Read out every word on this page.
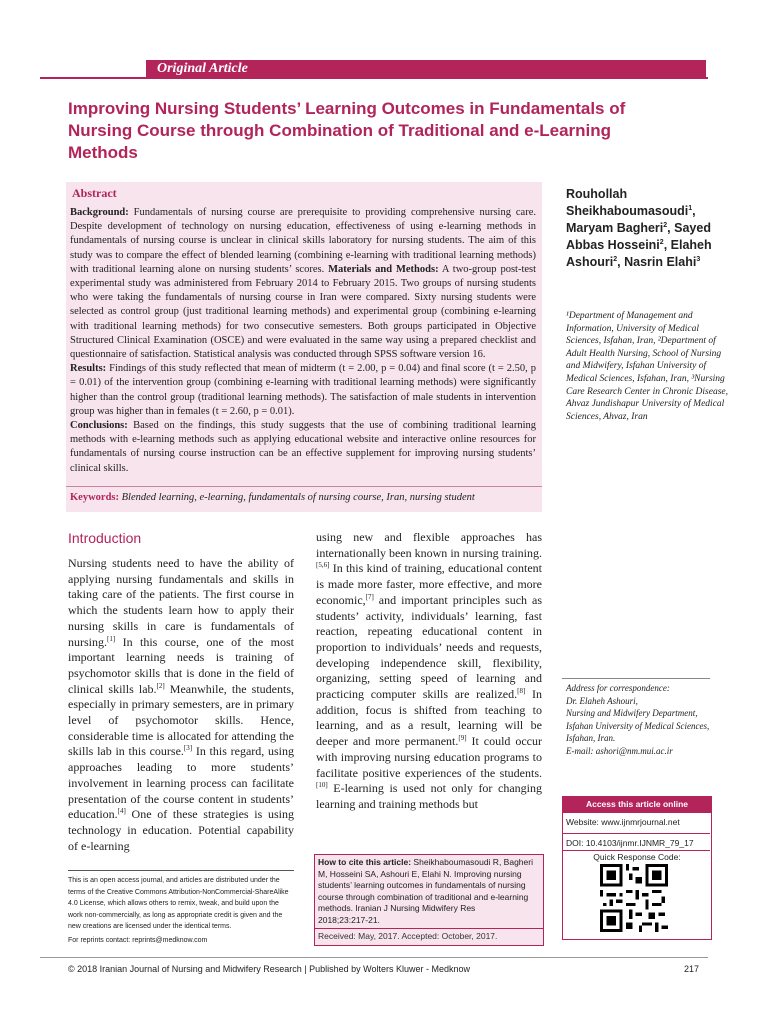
Original Article
Improving Nursing Students’ Learning Outcomes in Fundamentals of Nursing Course through Combination of Traditional and e‑Learning Methods
Abstract
Background: Fundamentals of nursing course are prerequisite to providing comprehensive nursing care. Despite development of technology on nursing education, effectiveness of using e‑learning methods in fundamentals of nursing course is unclear in clinical skills laboratory for nursing students. The aim of this study was to compare the effect of blended learning (combining e‑learning with traditional learning methods) with traditional learning alone on nursing students’ scores. Materials and Methods: A two‑group post‑test experimental study was administered from February 2014 to February 2015. Two groups of nursing students who were taking the fundamentals of nursing course in Iran were compared. Sixty nursing students were selected as control group (just traditional learning methods) and experimental group (combining e‑learning with traditional learning methods) for two consecutive semesters. Both groups participated in Objective Structured Clinical Examination (OSCE) and were evaluated in the same way using a prepared checklist and questionnaire of satisfaction. Statistical analysis was conducted through SPSS software version 16.
Results: Findings of this study reflected that mean of midterm (t = 2.00, p = 0.04) and final score (t = 2.50, p = 0.01) of the intervention group (combining e‑learning with traditional learning methods) were significantly higher than the control group (traditional learning methods). The satisfaction of male students in intervention group was higher than in females (t = 2.60, p = 0.01).
Conclusions: Based on the findings, this study suggests that the use of combining traditional learning methods with e‑learning methods such as applying educational website and interactive online resources for fundamentals of nursing course instruction can be an effective supplement for improving nursing students’ clinical skills.
Keywords: Blended learning, e‑learning, fundamentals of nursing course, Iran, nursing student
Rouhollah Sheikhaboumasoudi$^1$, Maryam Bagheri$^2$, Sayed Abbas Hosseini$^2$, Elaheh Ashouri$^2$, Nasrin Elahi$^3$
¹Department of Management and Information, University of Medical Sciences, Isfahan, Iran, ²Department of Adult Health Nursing, School of Nursing and Midwifery, Isfahan University of Medical Sciences, Isfahan, Iran, ³Nursing Care Research Center in Chronic Disease, Ahvaz Jundishapur University of Medical Sciences, Ahvaz, Iran
Introduction
Nursing students need to have the ability of applying nursing fundamentals and skills in taking care of the patients. The first course in which the students learn how to apply their nursing skills in care is fundamentals of nursing.[1] In this course, one of the most important learning needs is training of psychomotor skills that is done in the field of clinical skills lab.[2] Meanwhile, the students, especially in primary semesters, are in primary level of psychomotor skills. Hence, considerable time is allocated for attending the skills lab in this course.[3] In this regard, using approaches leading to more students’ involvement in learning process can facilitate presentation of the course content in students’ education.[4] One of these strategies is using technology in education. Potential capability of e‑learning
using new and flexible approaches has internationally been known in nursing training.[5,6] In this kind of training, educational content is made more faster, more effective, and more economic,[7] and important principles such as students’ activity, individuals’ learning, fast reaction, repeating educational content in proportion to individuals’ needs and requests, developing independence skill, flexibility, organizing, setting speed of learning and practicing computer skills are realized.[8] In addition, focus is shifted from teaching to learning, and as a result, learning will be deeper and more permanent.[9] It could occur with improving nursing education programs to facilitate positive experiences of the students.[10] E‑learning is used not only for changing learning and training methods but
Address for correspondence:
Dr. Elaheh Ashouri,
Nursing and Midwifery Department, Isfahan University of Medical Sciences,
Isfahan, Iran.
E-mail: ashori@nm.mui.ac.ir
Access this article online
Website: www.ijnmrjournal.net
DOI: 10.4103/ijnmr.IJNMR_79_17
Quick Response Code:
This is an open access journal, and articles are distributed under the terms of the Creative Commons Attribution‑NonCommercial‑ShareAlike 4.0 License, which allows others to remix, tweak, and build upon the work non‑commercially, as long as appropriate credit is given and the new creations are licensed under the identical terms.
For reprints contact: reprints@medknow.com
How to cite this article: Sheikhaboumasoudi R, Bagheri M, Hosseini SA, Ashouri E, Elahi N. Improving nursing students’ learning outcomes in fundamentals of nursing course through combination of traditional and e‑learning methods. Iranian J Nursing Midwifery Res 2018;23:217‑21.
Received: May, 2017. Accepted: October, 2017.
© 2018 Iranian Journal of Nursing and Midwifery Research | Published by Wolters Kluwer ‑ Medknow	217
